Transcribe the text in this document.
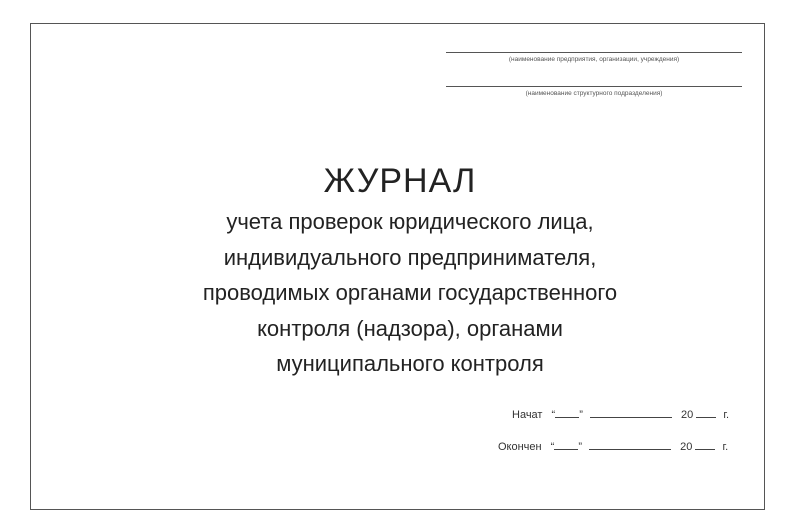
(наименование предприятия, организации, учреждения)
(наименование структурного подразделения)
ЖУРНАЛ
учета проверок юридического лица,
индивидуального предпринимателя,
проводимых органами государственного
контроля (надзора), органами
муниципального контроля
Начат “ ”	20	г.
Окончен “ ”	20	г.
